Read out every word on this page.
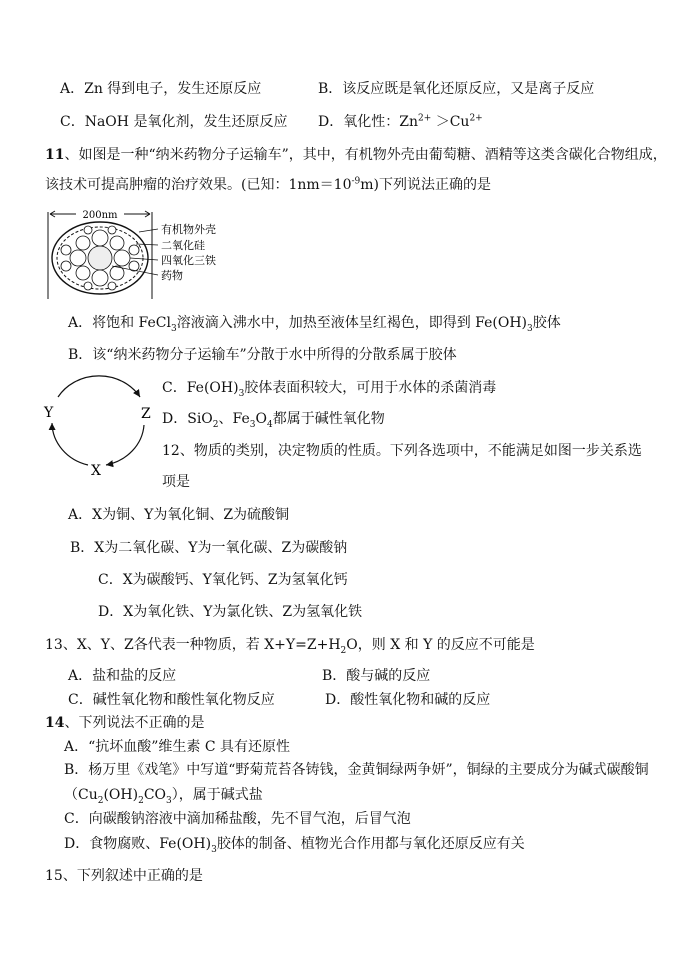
A．Zn 得到电子，发生还原反应	B．该反应既是氧化还原反应，又是离子反应
C．NaOH 是氧化剂，发生还原反应 D．氧化性：$Zn^{2+} >Cu^{2+}$
11、如图是一种“纳米药物分子运输车”，其中，有机物外壳由葡萄糖、酒精等这类含碳化合物组成，
该技术可提高肿瘤的治疗效果。(已知：$1nm=10^{-9}m$)下列说法正确的是
200nm
有机物外壳
二氧化硅
四氧化三铁
药物
A．将饱和 FeCl$_3$溶液滴入沸水中，加热至液体呈红褐色，即得到 $Fe(OH)_3$胶体
B．该“纳米药物分子运输车”分散于水中所得的分散系属于胶体
Y	Z
X
C．$Fe(OH)_3$胶体表面积较大，可用于水体的杀菌消毒
D．SiO$_2$、$Fe_3O_4$都属于碱性氧化物
12、物质的类别，决定物质的性质。下列各选项中，不能满足如图一步关系选
项是
A．X为铜、Y为氧化铜、Z为硫酸铜
B．X为二氧化碳、Y为一氧化碳、Z为碳酸钠
C．X为碳酸钙、Y氧化钙、Z为氢氧化钙
D．X为氧化铁、Y为氯化铁、Z为氢氧化铁
13、X、Y、Z各代表一种物质，若 $X+Y=Z+H_2O$，则 X 和 Y 的反应不可能是
A．盐和盐的反应	B．酸与碱的反应
C．碱性氧化物和酸性氧化物反应	D．酸性氧化物和碱的反应
14、下列说法不正确的是
A．“抗坏血酸”维生素 C 具有还原性
B．杨万里《戏笔》中写道“野菊荒苔各铸钱，金黄铜绿两争妍”，铜绿的主要成分为碱式碳酸铜
$(Cu_2(OH)_2CO_3)$，属于碱式盐
C．向碳酸钠溶液中滴加稀盐酸，先不冒气泡，后冒气泡
D．食物腐败、$Fe(OH)_3$胶体的制备、植物光合作用都与氧化还原反应有关
15、下列叙述中正确的是
